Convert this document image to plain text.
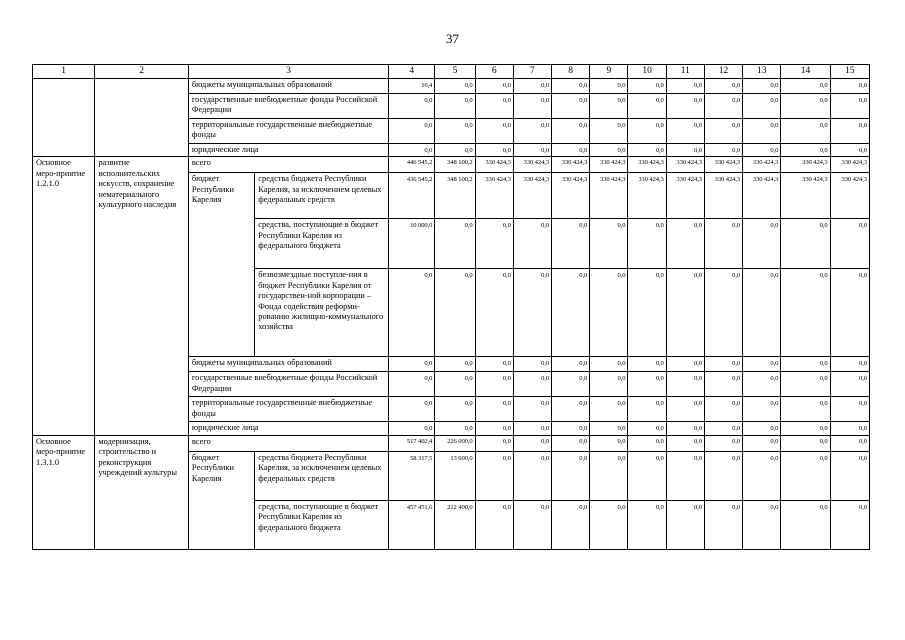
37
1	2	3		4	5	6	7	8	9	10	11	12	13	14	15
		бюджеты муниципальных образований		16,4	0,0	0,0	0,0	0,0	0,0	0,0	0,0	0,0	0,0	0,0	0,0
		государственные внебюджетные фонды Российской Федерации		0,0	0,0	0,0	0,0	0,0	0,0	0,0	0,0	0,0	0,0	0,0	0,0
		территориальные государственные внебюджетные фонды		0,0	0,0	0,0	0,0	0,0	0,0	0,0	0,0	0,0	0,0	0,0	0,0
		юридические лица		0,0	0,0	0,0	0,0	0,0	0,0	0,0	0,0	0,0	0,0	0,0	0,0
Основное меро-приятие 1.2.1.0	развитие исполнительских искусств, сохранение нематериального культурного наследия	всего		446 545,2	348 100,2	330 424,3	330 424,3	330 424,3	330 424,3	330 424,3	330 424,3	330 424,3	330 424,3	330 424,3	330 424,3
		бюджет Республики Карелия	средства бюджета Республики Карелия, за исключением целевых федеральных средств	436 545,2	348 100,2	330 424,3	330 424,3	330 424,3	330 424,3	330 424,3	330 424,3	330 424,3	330 424,3	330 424,3	330 424,3
			средства, поступающие в бюджет Республики Карелия из федерального бюджета	10 000,0	0,0	0,0	0,0	0,0	0,0	0,0	0,0	0,0	0,0	0,0	0,0
			безвозмездные поступле-ния в бюджет Республики Карелия от государствен-ной корпорации – Фонда содействия реформи-рованию жилищно-коммунального хозяйства	0,0	0,0	0,0	0,0	0,0	0,0	0,0	0,0	0,0	0,0	0,0	0,0
		бюджеты муниципальных образований		0,0	0,0	0,0	0,0	0,0	0,0	0,0	0,0	0,0	0,0	0,0	0,0
		государственные внебюджетные фонды Российской Федерации		0,0	0,0	0,0	0,0	0,0	0,0	0,0	0,0	0,0	0,0	0,0	0,0
		территориальные государственные внебюджетные фонды		0,0	0,0	0,0	0,0	0,0	0,0	0,0	0,0	0,0	0,0	0,0	0,0
		юридические лица		0,0	0,0	0,0	0,0	0,0	0,0	0,0	0,0	0,0	0,0	0,0	0,0
Основное меро-приятие 1.3.1.0	модернизация, строительство и реконструкция учреждений культуры	всего		517 402,4	226 000,0	0,0	0,0	0,0	0,0	0,0	0,0	0,0	0,0	0,0	0,0
		бюджет Республики Карелия	средства бюджета Республики Карелия, за исключением целевых федеральных средств	58 317,5	13 600,0	0,0	0,0	0,0	0,0	0,0	0,0	0,0	0,0	0,0	0,0
			средства, поступающие в бюджет Республики Карелия из федерального бюджета	457 451,6	212 400,0	0,0	0,0	0,0	0,0	0,0	0,0	0,0	0,0	0,0	0,0
